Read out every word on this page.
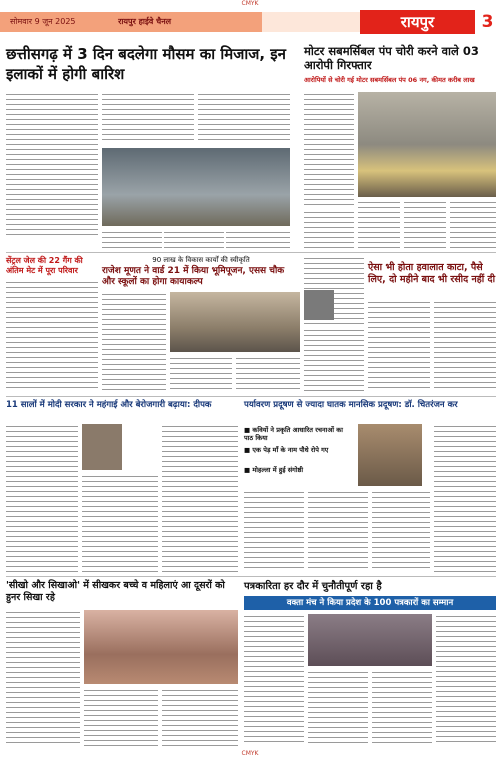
CMYK
सोमवार 9 जून 2025	रायपुर हाईवे चैनल	रायपुर	3
छत्तीसगढ़ में 3 दिन बदलेगा मौसम का मिजाज, इन इलाकों में होगी बारिश
मोटर सबमर्सिबल पंप चोरी करने वाले 03 आरोपी गिरफ्तार
आरोपियों से चोरी गई मोटर सबमर्सिबल पंप 06 नग, कीमत करीब लाख
सेंट्रल जेल की 22 गैंग की अंतिम मेट में पूरा परिवार
90 लाख के विकास कार्यों की स्वीकृति
राजेश मूणत ने वार्ड 21 में किया भूमिपूजन, एसस चौक और स्कूलों का होगा कायाकल्प
ऐसा भी होता हवालात काटा, पैसे लिए, दो महीने बाद भी रसीद नहीं दी
11 सालों में मोदी सरकार ने महंगाई और बेरोजगारी बढ़ाया: दीपक	पर्यावरण प्रदूषण से ज्यादा घातक मानसिक प्रदूषण: डॉ. चितरंजन कर
■ कवियों ने प्रकृति आधारित रचनाओं का पाठ किया
■ एक पेड़ माँ के नाम पौधे रोपे गए
■ मोहल्ला में हुई संगोष्ठी
'सीखो और सिखाओ' में सीखकर बच्चे व महिलाएं आ दूसरों को हुनर सिखा रहे
पत्रकारिता हर दौर में चुनौतीपूर्ण रहा है
वक्ता मंच ने किया प्रदेश के 100 पत्रकारों का सम्मान
CMYK
